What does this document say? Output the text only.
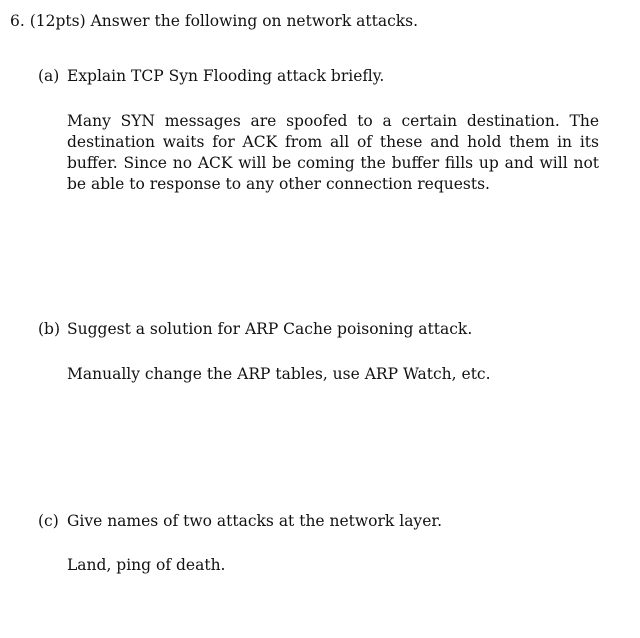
6. (12pts) Answer the following on network attacks.
(a) Explain TCP Syn Flooding attack briefly.
Many SYN messages are spoofed to a certain destination. The destination waits for ACK from all of these and hold them in its buffer. Since no ACK will be coming the buffer fills up and will not be able to response to any other connection requests.
(b) Suggest a solution for ARP Cache poisoning attack.
Manually change the ARP tables, use ARP Watch, etc.
(c) Give names of two attacks at the network layer.
Land, ping of death.
